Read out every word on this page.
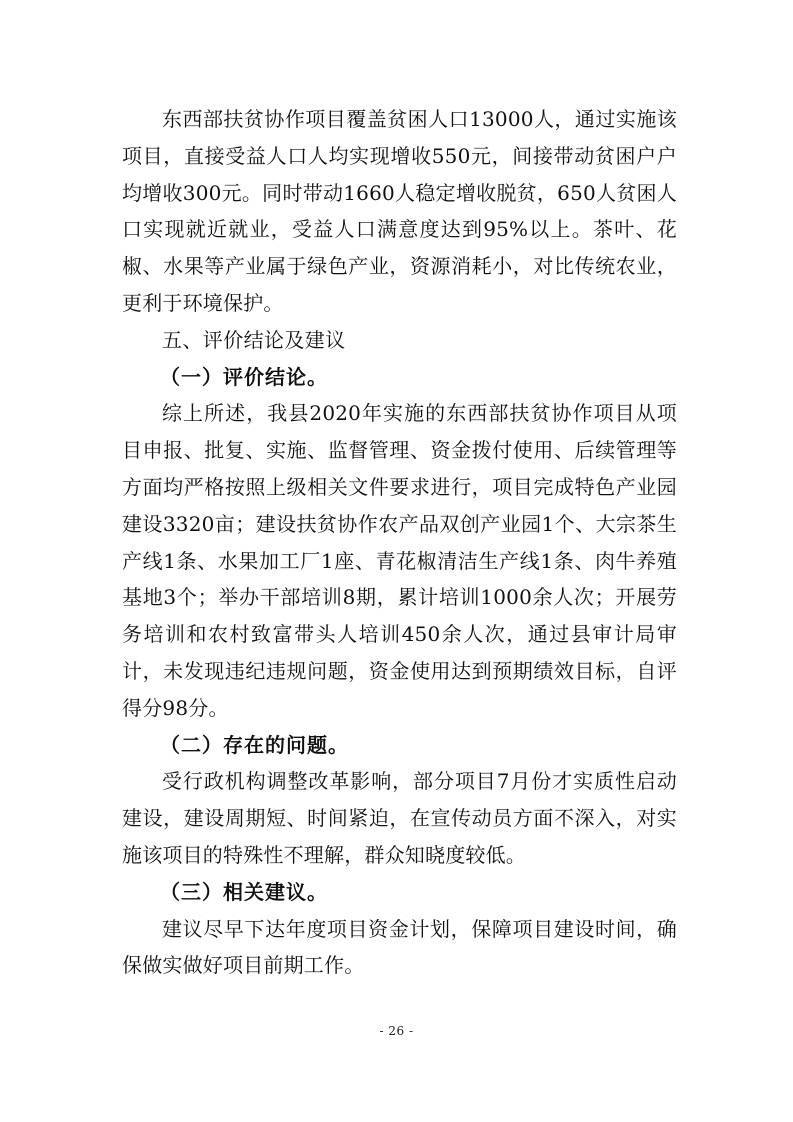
东西部扶贫协作项目覆盖贫困人口13000人，通过实施该项目，直接受益人口人均实现增收550元，间接带动贫困户户均增收300元。同时带动1660人稳定增收脱贫，650人贫困人口实现就近就业，受益人口满意度达到95%以上。茶叶、花椒、水果等产业属于绿色产业，资源消耗小，对比传统农业，更利于环境保护。

五、评价结论及建议

（一）评价结论。

综上所述，我县2020年实施的东西部扶贫协作项目从项目申报、批复、实施、监督管理、资金拨付使用、后续管理等方面均严格按照上级相关文件要求进行，项目完成特色产业园建设3320亩；建设扶贫协作农产品双创产业园1个、大宗茶生产线1条、水果加工厂1座、青花椒清洁生产线1条、肉牛养殖基地3个；举办干部培训8期，累计培训1000余人次；开展劳务培训和农村致富带头人培训450余人次，通过县审计局审计，未发现违纪违规问题，资金使用达到预期绩效目标，自评得分98分。

（二）存在的问题。

受行政机构调整改革影响，部分项目7月份才实质性启动建设，建设周期短、时间紧迫，在宣传动员方面不深入，对实施该项目的特殊性不理解，群众知晓度较低。

（三）相关建议。

建议尽早下达年度项目资金计划，保障项目建设时间，确保做实做好项目前期工作。

- 26 -
